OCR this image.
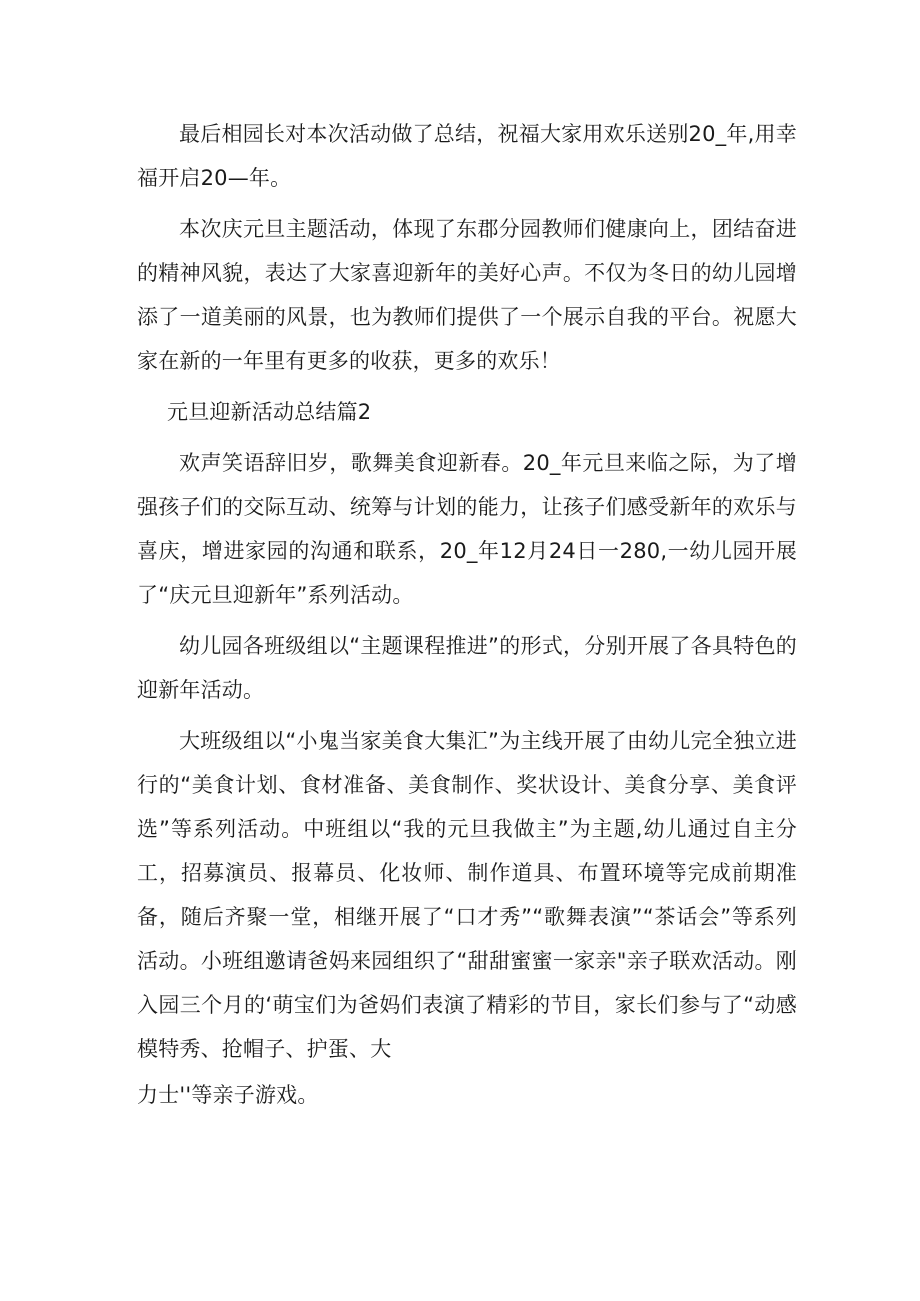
最后相园长对本次活动做了总结，祝福大家用欢乐送别20_年,用幸福开启20—年。

本次庆元旦主题活动，体现了东郡分园教师们健康向上，团结奋进的精神风貌，表达了大家喜迎新年的美好心声。不仅为冬日的幼儿园增添了一道美丽的风景，也为教师们提供了一个展示自我的平台。祝愿大家在新的一年里有更多的收获，更多的欢乐！

元旦迎新活动总结篇2

欢声笑语辞旧岁，歌舞美食迎新春。20_年元旦来临之际，为了增强孩子们的交际互动、统筹与计划的能力，让孩子们感受新年的欢乐与喜庆，增进家园的沟通和联系，20_年12月24日一280,一幼儿园开展了“庆元旦迎新年”系列活动。

幼儿园各班级组以“主题课程推进”的形式，分别开展了各具特色的迎新年活动。

大班级组以“小鬼当家美食大集汇”为主线开展了由幼儿完全独立进行的“美食计划、食材准备、美食制作、奖状设计、美食分享、美食评选”等系列活动。中班组以“我的元旦我做主”为主题,幼儿通过自主分工，招募演员、报幕员、化妆师、制作道具、布置环境等完成前期准备，随后齐聚一堂，相继开展了“口才秀”“歌舞表演”“茶话会”等系列活动。小班组邀请爸妈来园组织了“甜甜蜜蜜一家亲"亲子联欢活动。刚入园三个月的‘萌宝们为爸妈们表演了精彩的节目，家长们参与了“动感模特秀、抢帽子、护蛋、大

力士''等亲子游戏。
